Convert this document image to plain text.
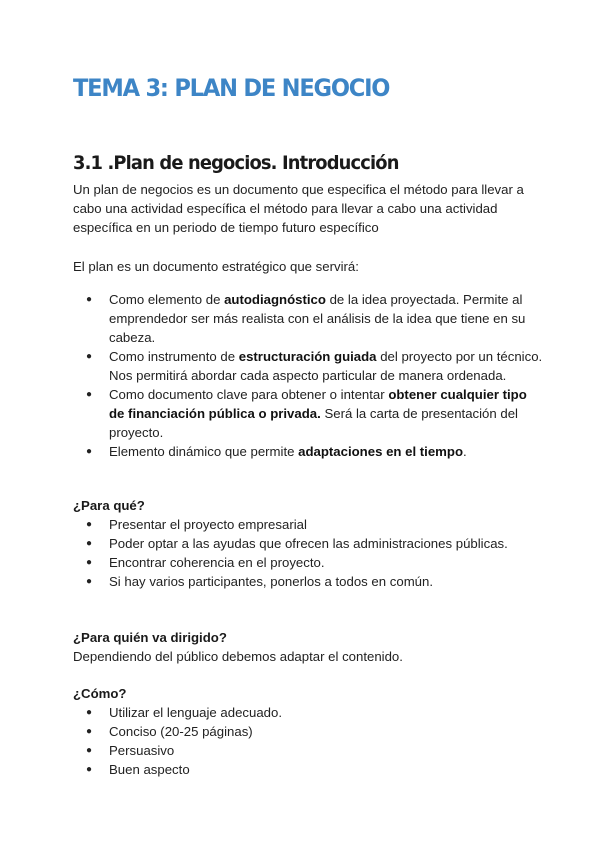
TEMA 3: PLAN DE NEGOCIO
3.1 .Plan de negocios. Introducción

Un plan de negocios es un documento que especifica el método para llevar a cabo una actividad específica el método para llevar a cabo una actividad específica en un periodo de tiempo futuro específico

El plan es un documento estratégico que servirá:

● Como elemento de autodiagnóstico de la idea proyectada. Permite al emprendedor ser más realista con el análisis de la idea que tiene en su cabeza.
● Como instrumento de estructuración guiada del proyecto por un técnico. Nos permitirá abordar cada aspecto particular de manera ordenada.
● Como documento clave para obtener o intentar obtener cualquier tipo de financiación pública o privada. Será la carta de presentación del proyecto.
● Elemento dinámico que permite adaptaciones en el tiempo.

¿Para qué?

● Presentar el proyecto empresarial
● Poder optar a las ayudas que ofrecen las administraciones públicas.
● Encontrar coherencia en el proyecto.
● Si hay varios participantes, ponerlos a todos en común.

¿Para quién va dirigido?

Dependiendo del público debemos adaptar el contenido.

¿Cómo?

● Utilizar el lenguaje adecuado.
● Conciso (20-25 páginas)
● Persuasivo
● Buen aspecto
